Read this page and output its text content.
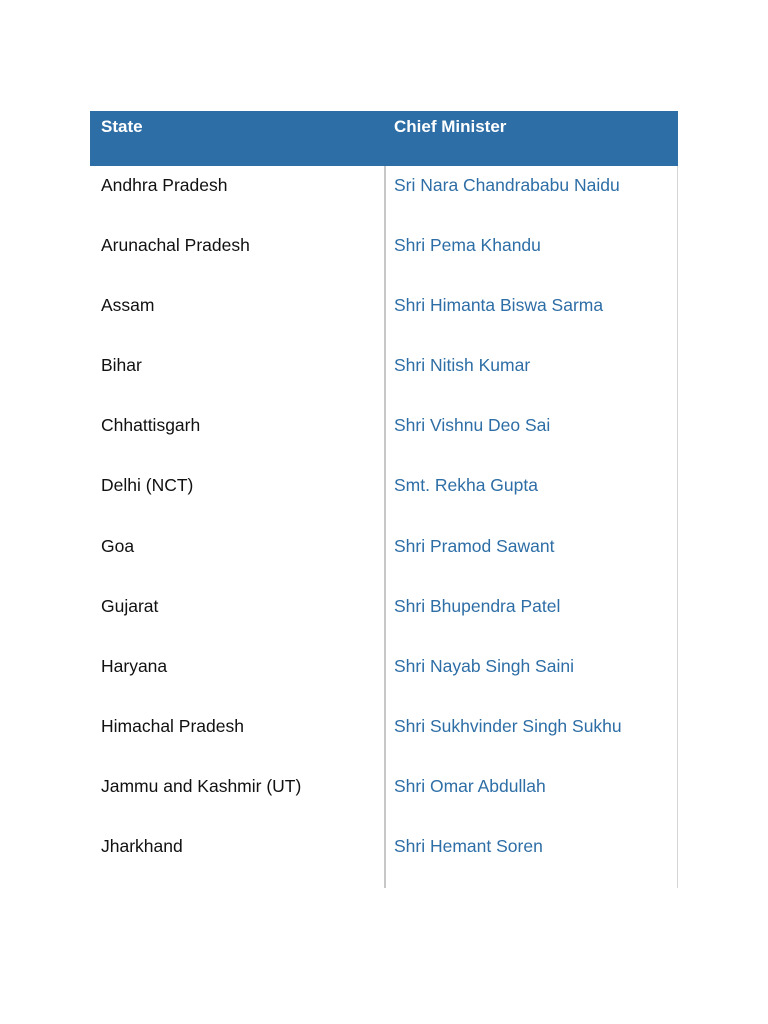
State	Chief Minister
Andhra Pradesh	Sri Nara Chandrababu Naidu
Arunachal Pradesh	Shri Pema Khandu
Assam	Shri Himanta Biswa Sarma
Bihar	Shri Nitish Kumar
Chhattisgarh	Shri Vishnu Deo Sai
Delhi (NCT)	Smt. Rekha Gupta
Goa	Shri Pramod Sawant
Gujarat	Shri Bhupendra Patel
Haryana	Shri Nayab Singh Saini
Himachal Pradesh	Shri Sukhvinder Singh Sukhu
Jammu and Kashmir (UT)	Shri Omar Abdullah
Jharkhand	Shri Hemant Soren
